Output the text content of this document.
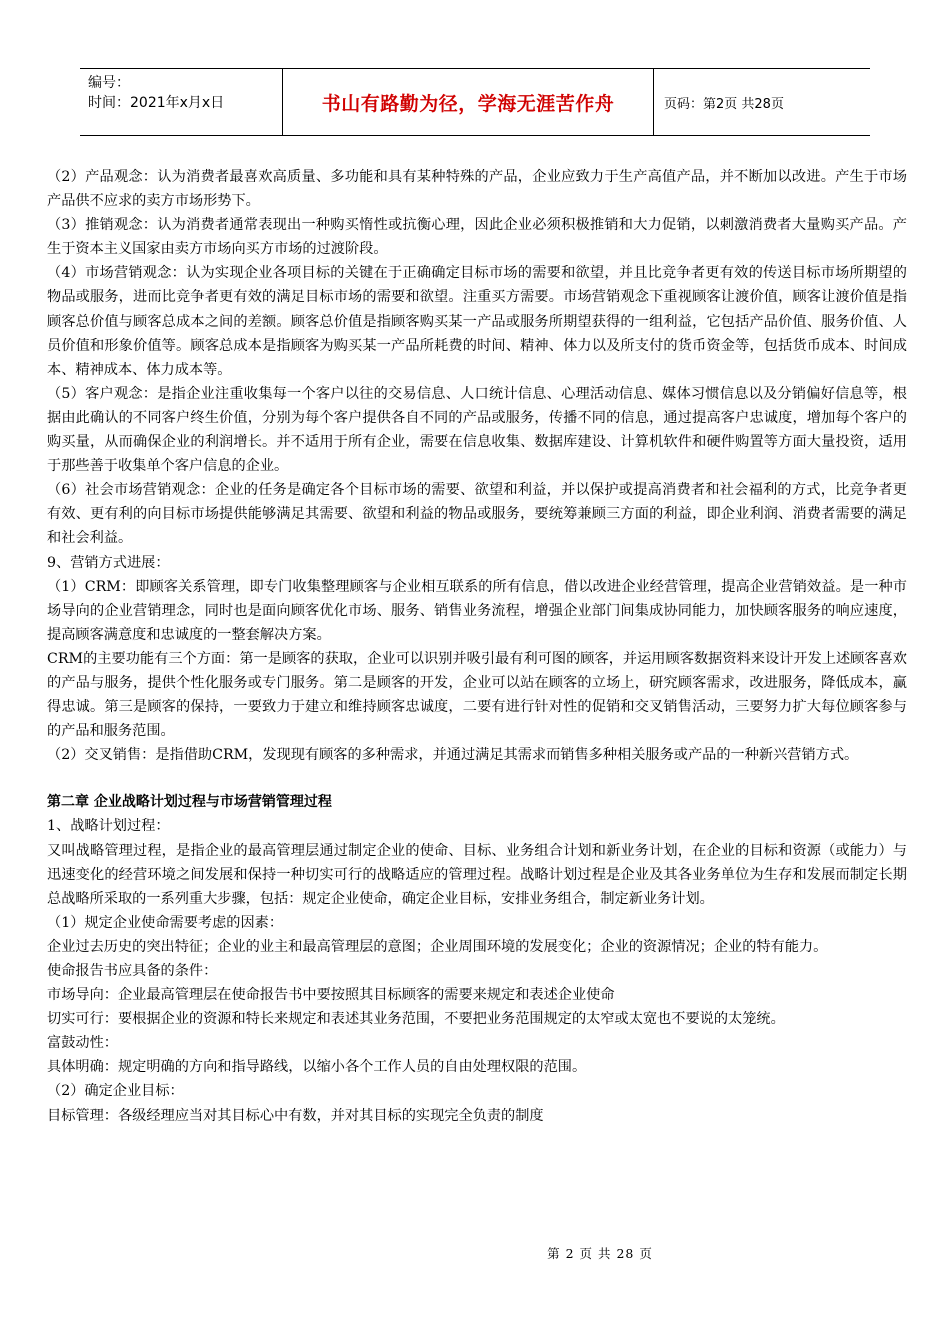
编号：
时间：2021年x月x日	书山有路勤为径，学海无涯苦作舟	页码：第2页 共28页

（2）产品观念：认为消费者最喜欢高质量、多功能和具有某种特殊的产品，企业应致力于生产高值产品，并不断加以改进。产生于市场产品供不应求的卖方市场形势下。

（3）推销观念：认为消费者通常表现出一种购买惰性或抗衡心理，因此企业必须积极推销和大力促销，以刺激消费者大量购买产品。产生于资本主义国家由卖方市场向买方市场的过渡阶段。

（4）市场营销观念：认为实现企业各项目标的关键在于正确确定目标市场的需要和欲望，并且比竞争者更有效的传送目标市场所期望的物品或服务，进而比竞争者更有效的满足目标市场的需要和欲望。注重买方需要。市场营销观念下重视顾客让渡价值，顾客让渡价值是指顾客总价值与顾客总成本之间的差额。顾客总价值是指顾客购买某一产品或服务所期望获得的一组利益，它包括产品价值、服务价值、人员价值和形象价值等。顾客总成本是指顾客为购买某一产品所耗费的时间、精神、体力以及所支付的货币资金等，包括货币成本、时间成本、精神成本、体力成本等。

（5）客户观念：是指企业注重收集每一个客户以往的交易信息、人口统计信息、心理活动信息、媒体习惯信息以及分销偏好信息等，根据由此确认的不同客户终生价值，分别为每个客户提供各自不同的产品或服务，传播不同的信息，通过提高客户忠诚度，增加每个客户的购买量，从而确保企业的利润增长。并不适用于所有企业，需要在信息收集、数据库建设、计算机软件和硬件购置等方面大量投资，适用于那些善于收集单个客户信息的企业。

（6）社会市场营销观念：企业的任务是确定各个目标市场的需要、欲望和利益，并以保护或提高消费者和社会福利的方式，比竞争者更有效、更有利的向目标市场提供能够满足其需要、欲望和利益的物品或服务，要统筹兼顾三方面的利益，即企业利润、消费者需要的满足和社会利益。

9、营销方式进展：

（1）CRM：即顾客关系管理，即专门收集整理顾客与企业相互联系的所有信息，借以改进企业经营管理，提高企业营销效益。是一种市场导向的企业营销理念，同时也是面向顾客优化市场、服务、销售业务流程，增强企业部门间集成协同能力，加快顾客服务的响应速度，提高顾客满意度和忠诚度的一整套解决方案。

CRM的主要功能有三个方面：第一是顾客的获取，企业可以识别并吸引最有利可图的顾客，并运用顾客数据资料来设计开发上述顾客喜欢的产品与服务，提供个性化服务或专门服务。第二是顾客的开发，企业可以站在顾客的立场上，研究顾客需求，改进服务，降低成本，赢得忠诚。第三是顾客的保持，一要致力于建立和维持顾客忠诚度，二要有进行针对性的促销和交叉销售活动，三要努力扩大每位顾客参与的产品和服务范围。

（2）交叉销售：是指借助CRM，发现现有顾客的多种需求，并通过满足其需求而销售多种相关服务或产品的一种新兴营销方式。

第二章 企业战略计划过程与市场营销管理过程

1、战略计划过程：

又叫战略管理过程，是指企业的最高管理层通过制定企业的使命、目标、业务组合计划和新业务计划，在企业的目标和资源（或能力）与迅速变化的经营环境之间发展和保持一种切实可行的战略适应的管理过程。战略计划过程是企业及其各业务单位为生存和发展而制定长期总战略所采取的一系列重大步骤，包括：规定企业使命，确定企业目标，安排业务组合，制定新业务计划。

（1）规定企业使命需要考虑的因素：

企业过去历史的突出特征；企业的业主和最高管理层的意图；企业周围环境的发展变化；企业的资源情况；企业的特有能力。

使命报告书应具备的条件：

市场导向：企业最高管理层在使命报告书中要按照其目标顾客的需要来规定和表述企业使命

切实可行：要根据企业的资源和特长来规定和表述其业务范围，不要把业务范围规定的太窄或太宽也不要说的太笼统。

富鼓动性：

具体明确：规定明确的方向和指导路线，以缩小各个工作人员的自由处理权限的范围。

（2）确定企业目标：

目标管理：各级经理应当对其目标心中有数，并对其目标的实现完全负责的制度

第 2 页 共 28 页
